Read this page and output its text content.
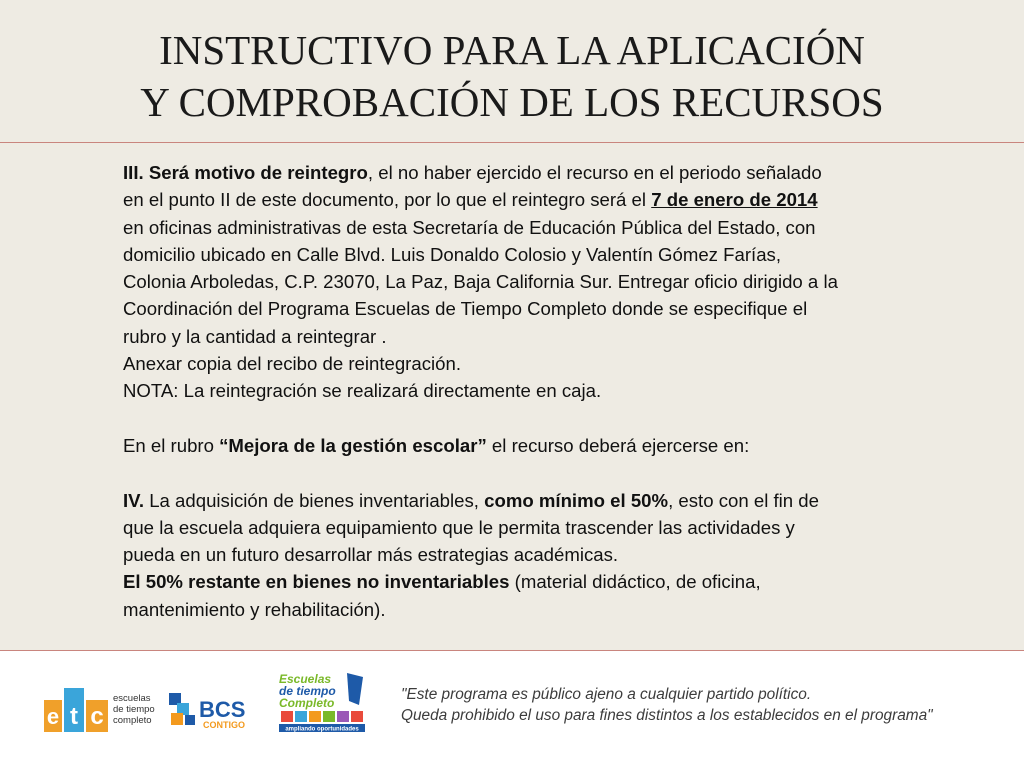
INSTRUCTIVO PARA LA APLICACIÓN
Y COMPROBACIÓN DE LOS RECURSOS

III. Será motivo de reintegro, el no haber ejercido el recurso en el periodo señalado

en el punto II de este documento, por lo que el reintegro será el 7 de enero de 2014

en oficinas administrativas de esta Secretaría de Educación Pública del Estado, con

domicilio ubicado en Calle Blvd. Luis Donaldo Colosio y Valentín Gómez Farías,

Colonia Arboledas, C.P. 23070, La Paz, Baja California Sur. Entregar oficio dirigido a la

Coordinación del Programa Escuelas de Tiempo Completo donde se especifique el

rubro y la cantidad a reintegrar .

Anexar copia del recibo de reintegración.

NOTA: La reintegración se realizará directamente en caja.

En el rubro “Mejora de la gestión escolar” el recurso deberá ejercerse en:

IV. La adquisición de bienes inventariables, como mínimo el 50%, esto con el fin de

que la escuela adquiera equipamiento que le permita trascender las actividades y

pueda en un futuro desarrollar más estrategias académicas.

El 50% restante en bienes no inventariables (material didáctico, de oficina,

mantenimiento y rehabilitación).

e t c
escuelas
de tiempo
completo BCS
CONTIGO
Escuelas
de tiempo
Completo
ampliando oportunidades
"Este programa es público ajeno a cualquier partido político.
Queda prohibido el uso para fines distintos a los establecidos en el programa"
